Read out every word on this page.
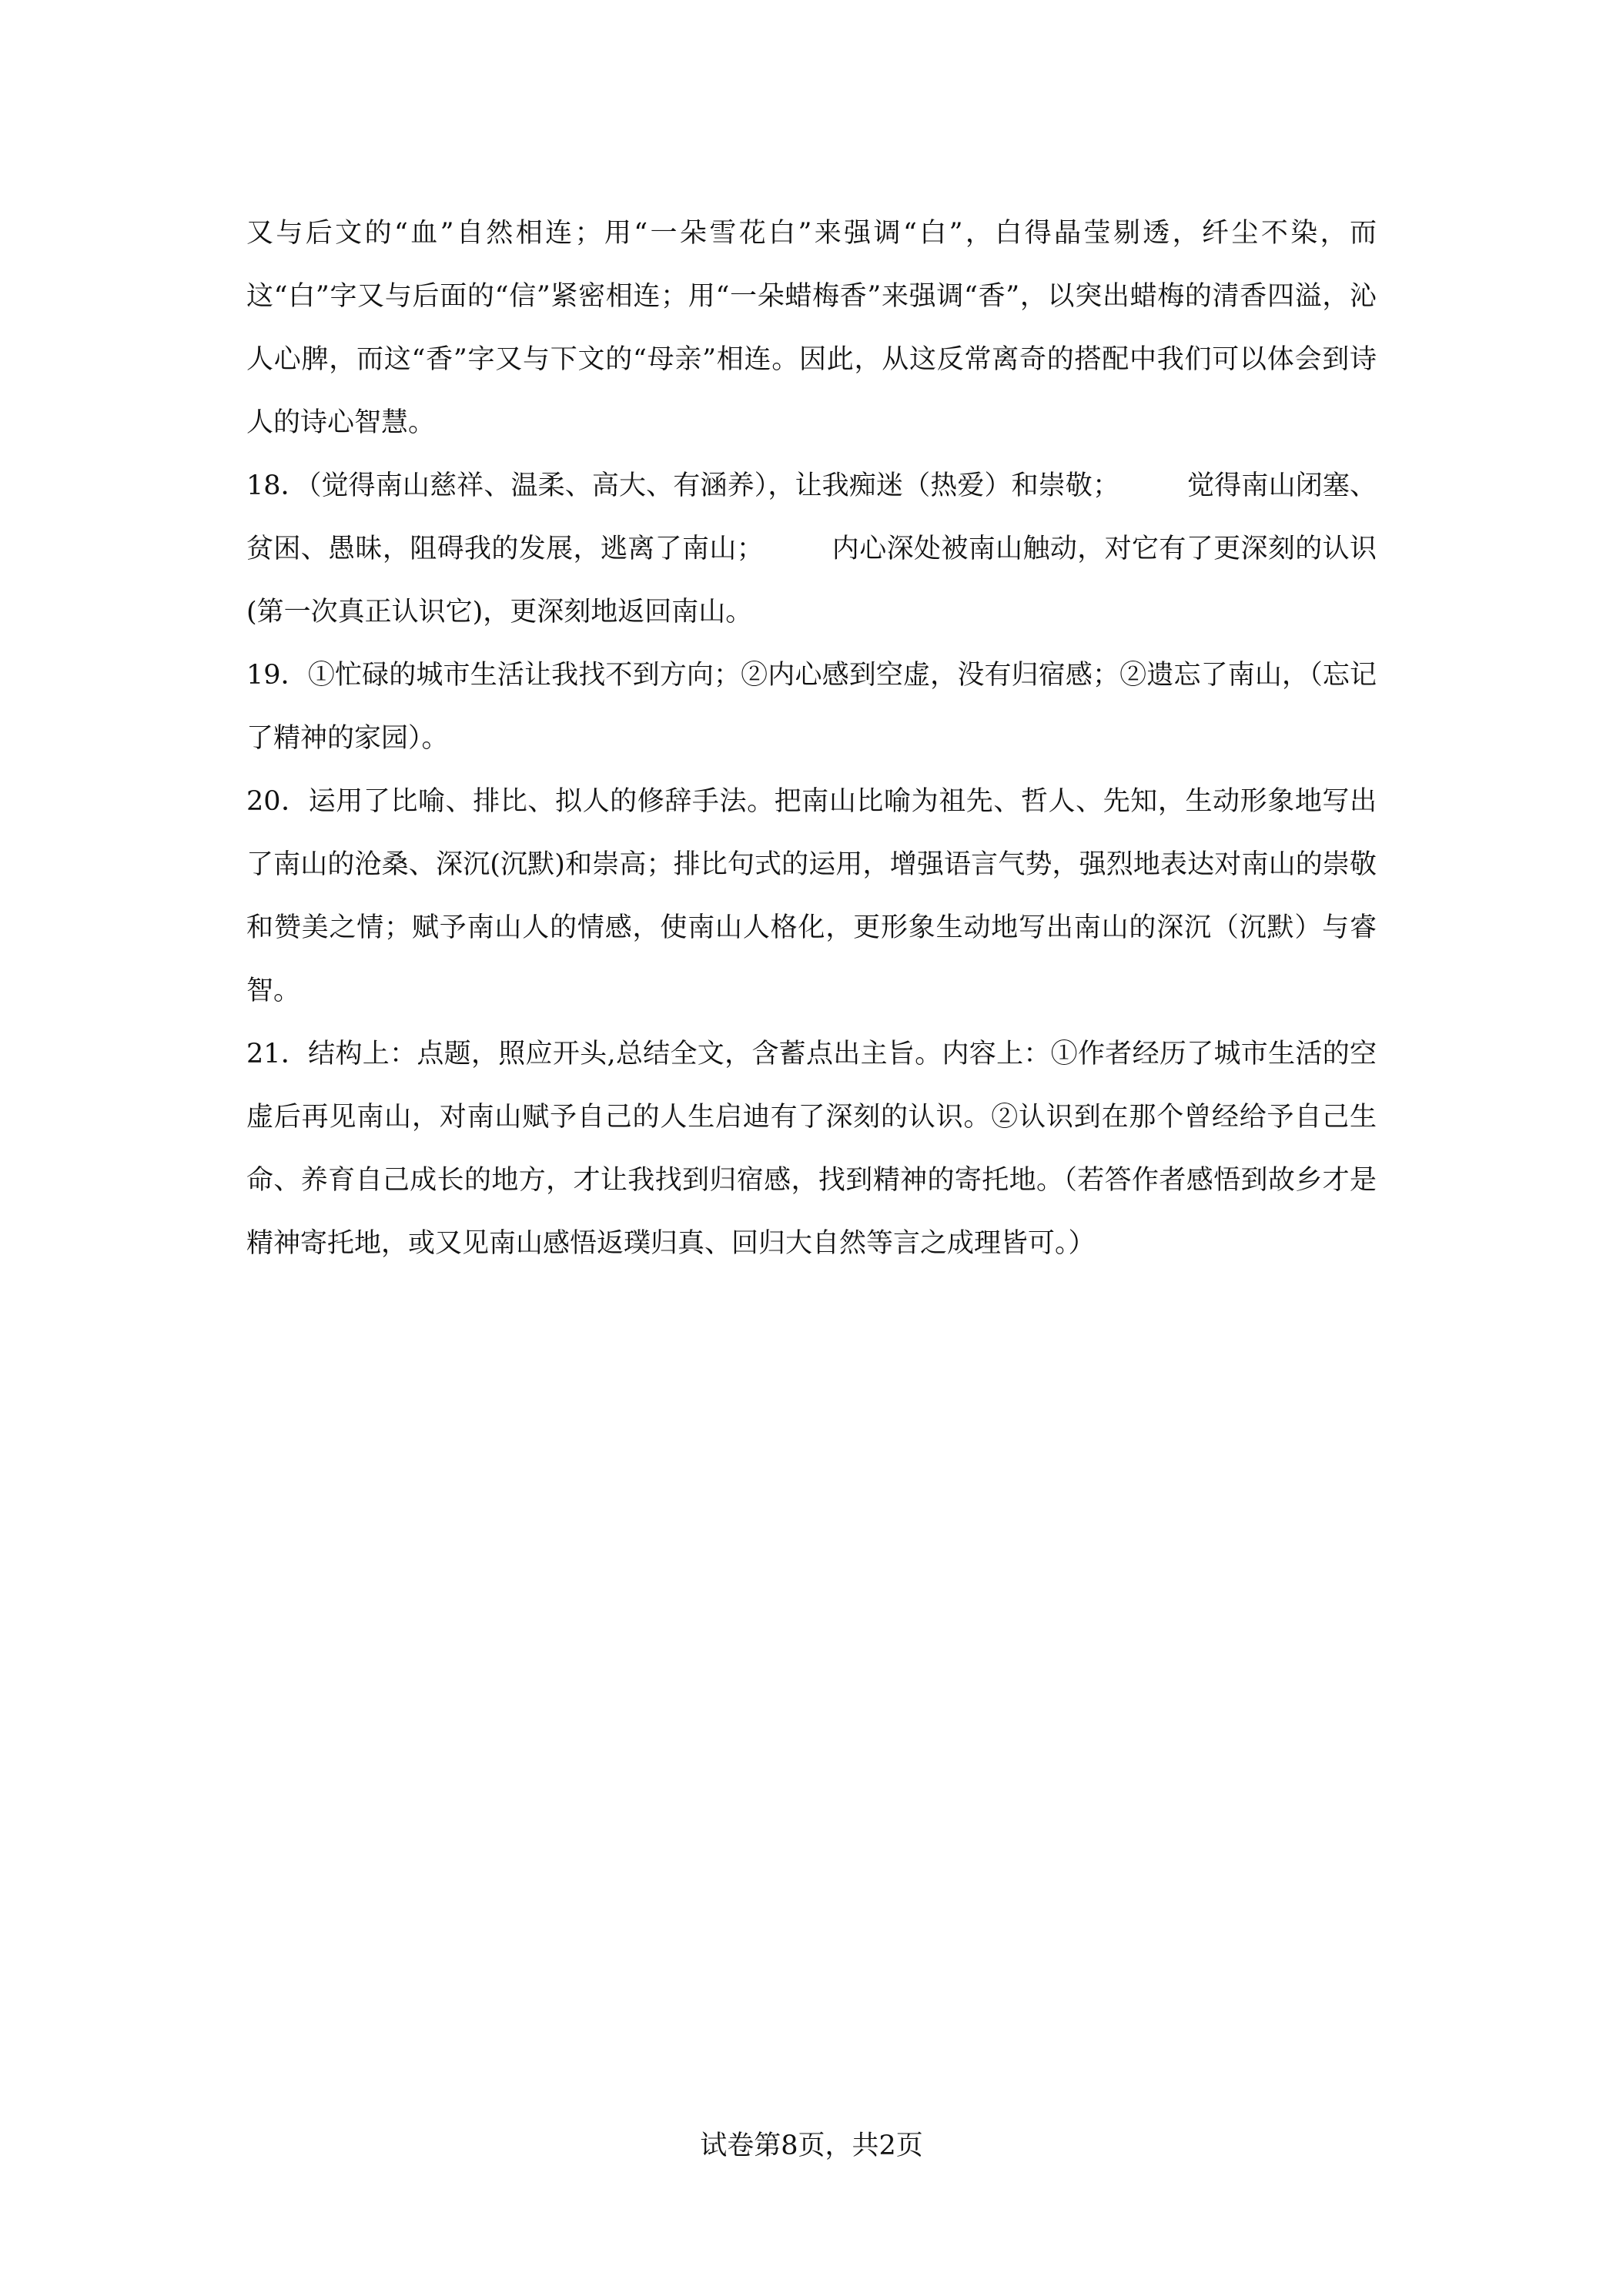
又与后文的“血”自然相连；用“一朵雪花白”来强调“白”，白得晶莹剔透，纤尘不染，而这“白”字又与后面的“信”紧密相连；用“一朵蜡梅香”来强调“香”，以突出蜡梅的清香四溢，沁人心脾，而这“香”字又与下文的“母亲”相连。因此，从这反常离奇的搭配中我们可以体会到诗人的诗心智慧。

18．（觉得南山慈祥、温柔、高大、有涵养），让我痴迷（热爱）和崇敬；　　　觉得南山闭塞、贫困、愚昧，阻碍我的发展，逃离了南山；　　　内心深处被南山触动，对它有了更深刻的认识(第一次真正认识它)，更深刻地返回南山。

19．①忙碌的城市生活让我找不到方向；②内心感到空虚，没有归宿感；②遗忘了南山，（忘记了精神的家园）。

20．运用了比喻、排比、拟人的修辞手法。把南山比喻为祖先、哲人、先知，生动形象地写出了南山的沧桑、深沉(沉默)和崇高；排比句式的运用，增强语言气势，强烈地表达对南山的崇敬和赞美之情；赋予南山人的情感，使南山人格化，更形象生动地写出南山的深沉（沉默）与睿智。

21．结构上：点题，照应开头,总结全文，含蓄点出主旨。内容上：①作者经历了城市生活的空虚后再见南山，对南山赋予自己的人生启迪有了深刻的认识。②认识到在那个曾经给予自己生命、养育自己成长的地方，才让我找到归宿感，找到精神的寄托地。（若答作者感悟到故乡才是精神寄托地，或又见南山感悟返璞归真、回归大自然等言之成理皆可。）

试卷第8页，共2页
